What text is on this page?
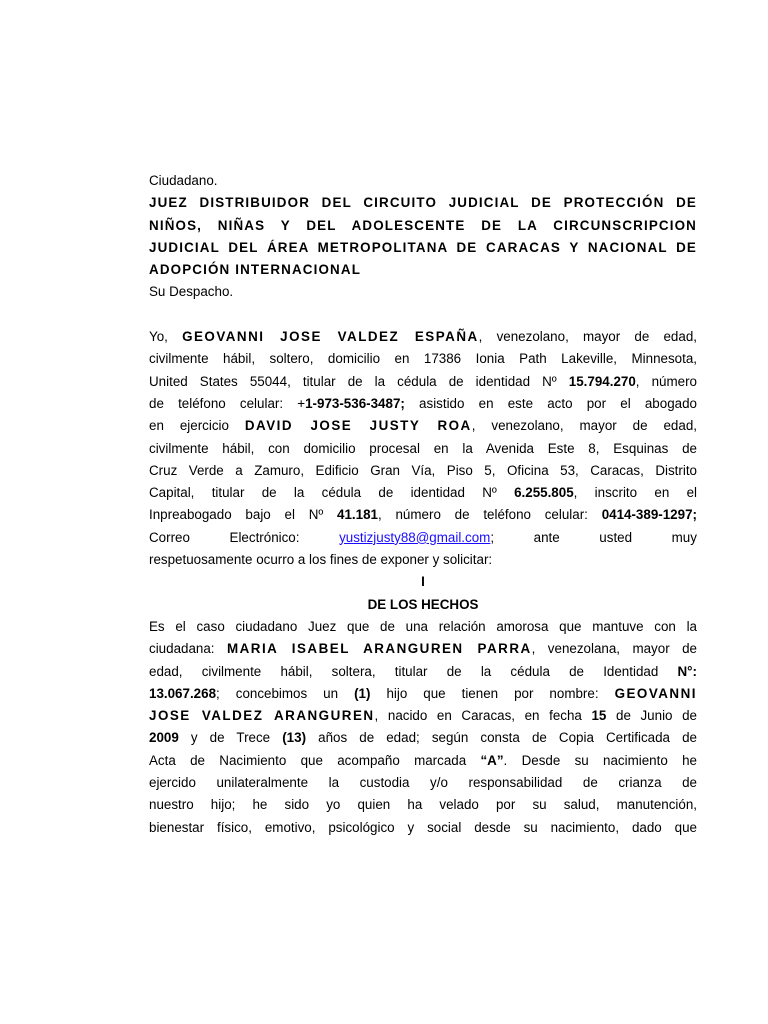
Ciudadano.
JUEZ DISTRIBUIDOR DEL CIRCUITO JUDICIAL DE PROTECCIÓN DE
NIÑOS, NIÑAS Y DEL ADOLESCENTE DE LA CIRCUNSCRIPCION
JUDICIAL DEL ÁREA METROPOLITANA DE CARACAS Y NACIONAL DE
ADOPCIÓN INTERNACIONAL
Su Despacho.
Yo, GEOVANNI JOSE VALDEZ ESPAÑA, venezolano, mayor de edad,
civilmente hábil, soltero, domicilio en 17386 Ionia Path Lakeville, Minnesota,
United States 55044, titular de la cédula de identidad Nº 15.794.270, número
de teléfono celular: +1-973-536-3487; asistido en este acto por el abogado
en ejercicio DAVID JOSE JUSTY ROA, venezolano, mayor de edad,
civilmente hábil, con domicilio procesal en la Avenida Este 8, Esquinas de
Cruz Verde a Zamuro, Edificio Gran Vía, Piso 5, Oficina 53, Caracas, Distrito
Capital, titular de la cédula de identidad Nº 6.255.805, inscrito en el
Inpreabogado bajo el Nº 41.181, número de teléfono celular: 0414-389-1297;
Correo	Electrónico:	yustizjusty88@gmail.com;	ante	usted	muy
respetuosamente ocurro a los fines de exponer y solicitar:
I
DE LOS HECHOS
Es el caso ciudadano Juez que de una relación amorosa que mantuve con la
ciudadana: MARIA ISABEL ARANGUREN PARRA, venezolana, mayor de
edad, civilmente hábil, soltera, titular de la cédula de Identidad N°:
13.067.268; concebimos un (1) hijo que tienen por nombre: GEOVANNI
JOSE VALDEZ ARANGUREN, nacido en Caracas, en fecha 15 de Junio de
2009 y de Trece (13) años de edad; según consta de Copia Certificada de
Acta de Nacimiento que acompaño marcada “A”. Desde su nacimiento he
ejercido unilateralmente la custodia y/o responsabilidad de crianza de
nuestro hijo; he sido yo quien ha velado por su salud, manutención,
bienestar físico, emotivo, psicológico y social desde su nacimiento, dado que
